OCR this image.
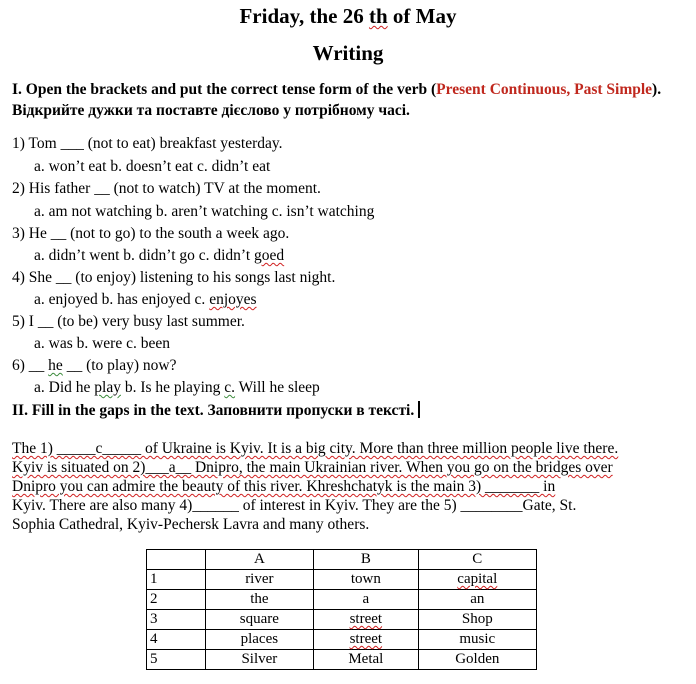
Friday, the 26 th of May
Writing
I. Open the brackets and put the correct tense form of the verb (Present Continuous, Past Simple). Відкрийте дужки та поставте дієслово у потрібному часі.
1) Tom ___ (not to eat) breakfast yesterday.
a. won’t eat b. doesn’t eat c. didn’t eat
2) His father __ (not to watch) TV at the moment.
a. am not watching b. aren’t watching c. isn’t watching
3) He __ (not to go) to the south a week ago.
a. didn’t went b. didn’t go c. didn’t goed
4) She __ (to enjoy) listening to his songs last night.
a. enjoyed b. has enjoyed c. enjoyes
5) I __ (to be) very busy last summer.
a. was b. were c. been
6) __ he __ (to play) now?
a. Did he play b. Is he playing c. Will he sleep
II. Fill in the gaps in the text. Заповнити пропуски в тексті.
The 1) _____c_____ of Ukraine is Kyiv. It is a big city. More than three million people live there.
Kyiv is situated on 2)___a__ Dnipro, the main Ukrainian river. When you go on the bridges over
Dnipro you can admire the beauty of this river. Khreshchatyk is the main 3) _______ in
Kyiv. There are also many 4)______ of interest in Kyiv. They are the 5) ________Gate, St.
Sophia Cathedral, Kyiv-Pechersk Lavra and many others.
	A	B	C
1	river	town	capital
2	the	a	an
3	square	street	Shop
4	places	street	music
5	Silver	Metal	Golden
